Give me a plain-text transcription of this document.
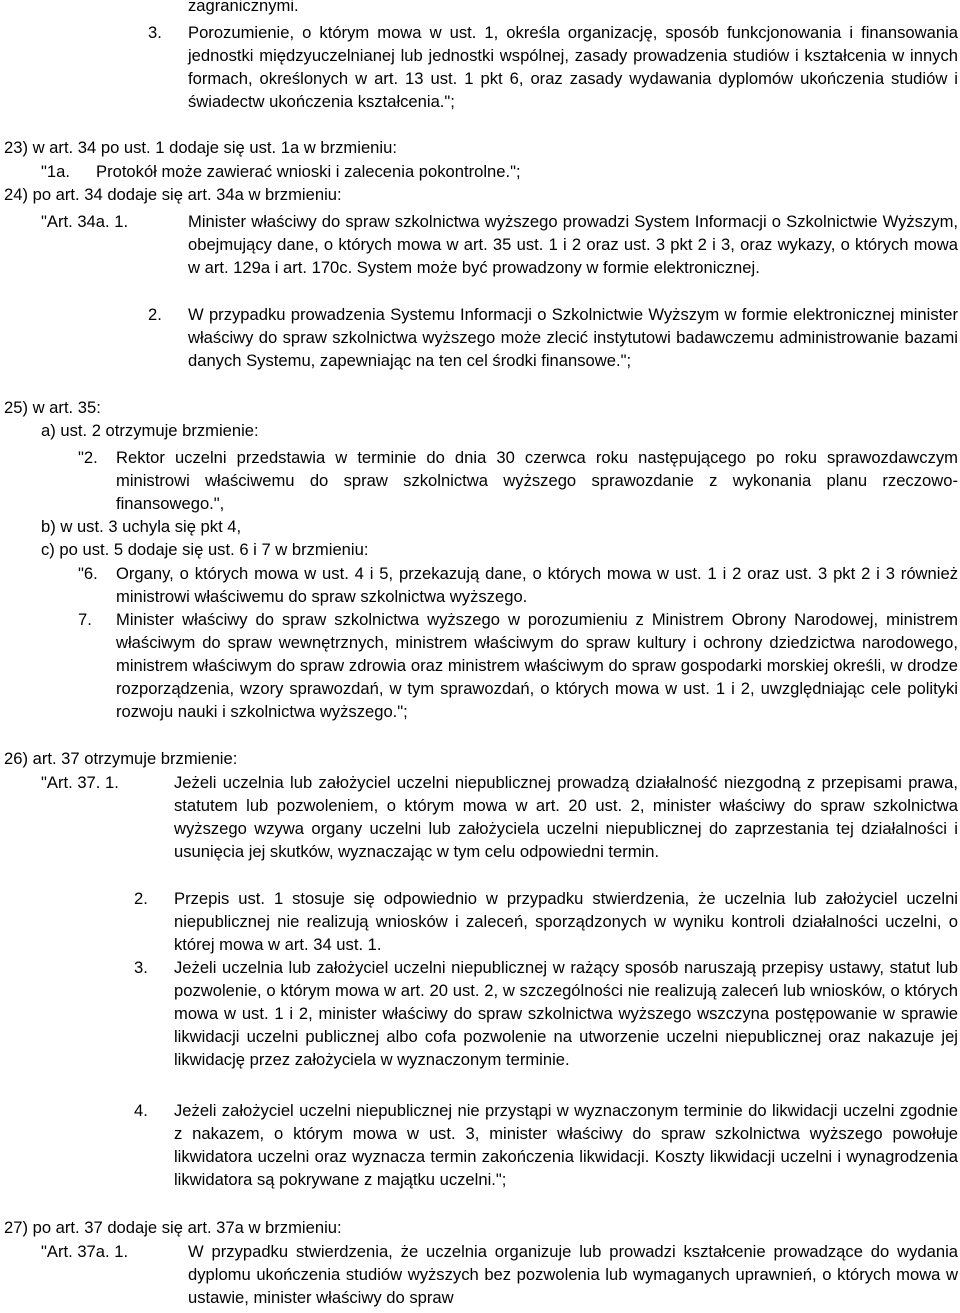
zagranicznymi.
3. Porozumienie, o którym mowa w ust. 1, określa organizację, sposób funkcjonowania i finansowania jednostki międzyuczelnianej lub jednostki wspólnej, zasady prowadzenia studiów i kształcenia w innych formach, określonych w art. 13 ust. 1 pkt 6, oraz zasady wydawania dyplomów ukończenia studiów i świadectw ukończenia kształcenia.";
23) w art. 34 po ust. 1 dodaje się ust. 1a w brzmieniu:
"1a. Protokół może zawierać wnioski i zalecenia pokontrolne.";
24) po art. 34 dodaje się art. 34a w brzmieniu:
"Art. 34a. 1.	Minister właściwy do spraw szkolnictwa wyższego prowadzi System Informacji o Szkolnictwie Wyższym, obejmujący dane, o których mowa w art. 35 ust. 1 i 2 oraz ust. 3 pkt 2 i 3, oraz wykazy, o których mowa w art. 129a i art. 170c. System może być prowadzony w formie elektronicznej.
2. W przypadku prowadzenia Systemu Informacji o Szkolnictwie Wyższym w formie elektronicznej minister właściwy do spraw szkolnictwa wyższego może zlecić instytutowi badawczemu administrowanie bazami danych Systemu, zapewniając na ten cel środki finansowe.";
25) w art. 35:
a) ust. 2 otrzymuje brzmienie:
"2. Rektor uczelni przedstawia w terminie do dnia 30 czerwca roku następującego po roku sprawozdawczym ministrowi właściwemu do spraw szkolnictwa wyższego sprawozdanie z wykonania planu rzeczowo-finansowego.",
b) w ust. 3 uchyla się pkt 4,
c) po ust. 5 dodaje się ust. 6 i 7 w brzmieniu:
"6. Organy, o których mowa w ust. 4 i 5, przekazują dane, o których mowa w ust. 1 i 2 oraz ust. 3 pkt 2 i 3 również ministrowi właściwemu do spraw szkolnictwa wyższego.
7. Minister właściwy do spraw szkolnictwa wyższego w porozumieniu z Ministrem Obrony Narodowej, ministrem właściwym do spraw wewnętrznych, ministrem właściwym do spraw kultury i ochrony dziedzictwa narodowego, ministrem właściwym do spraw zdrowia oraz ministrem właściwym do spraw gospodarki morskiej określi, w drodze rozporządzenia, wzory sprawozdań, w tym sprawozdań, o których mowa w ust. 1 i 2, uwzględniając cele polityki rozwoju nauki i szkolnictwa wyższego.";
26) art. 37 otrzymuje brzmienie:
"Art. 37. 1.	Jeżeli uczelnia lub założyciel uczelni niepublicznej prowadzą działalność niezgodną z przepisami prawa, statutem lub pozwoleniem, o którym mowa w art. 20 ust. 2, minister właściwy do spraw szkolnictwa wyższego wzywa organy uczelni lub założyciela uczelni niepublicznej do zaprzestania tej działalności i usunięcia jej skutków, wyznaczając w tym celu odpowiedni termin.
2. Przepis ust. 1 stosuje się odpowiednio w przypadku stwierdzenia, że uczelnia lub założyciel uczelni niepublicznej nie realizują wniosków i zaleceń, sporządzonych w wyniku kontroli działalności uczelni, o której mowa w art. 34 ust. 1.
3. Jeżeli uczelnia lub założyciel uczelni niepublicznej w rażący sposób naruszają przepisy ustawy, statut lub pozwolenie, o którym mowa w art. 20 ust. 2, w szczególności nie realizują zaleceń lub wniosków, o których mowa w ust. 1 i 2, minister właściwy do spraw szkolnictwa wyższego wszczyna postępowanie w sprawie likwidacji uczelni publicznej albo cofa pozwolenie na utworzenie uczelni niepublicznej oraz nakazuje jej likwidację przez założyciela w wyznaczonym terminie.
4. Jeżeli założyciel uczelni niepublicznej nie przystąpi w wyznaczonym terminie do likwidacji uczelni zgodnie z nakazem, o którym mowa w ust. 3, minister właściwy do spraw szkolnictwa wyższego powołuje likwidatora uczelni oraz wyznacza termin zakończenia likwidacji. Koszty likwidacji uczelni i wynagrodzenia likwidatora są pokrywane z majątku uczelni.";
27) po art. 37 dodaje się art. 37a w brzmieniu:
"Art. 37a. 1.	W przypadku stwierdzenia, że uczelnia organizuje lub prowadzi kształcenie prowadzące do wydania dyplomu ukończenia studiów wyższych bez pozwolenia lub wymaganych uprawnień, o których mowa w ustawie, minister właściwy do spraw
